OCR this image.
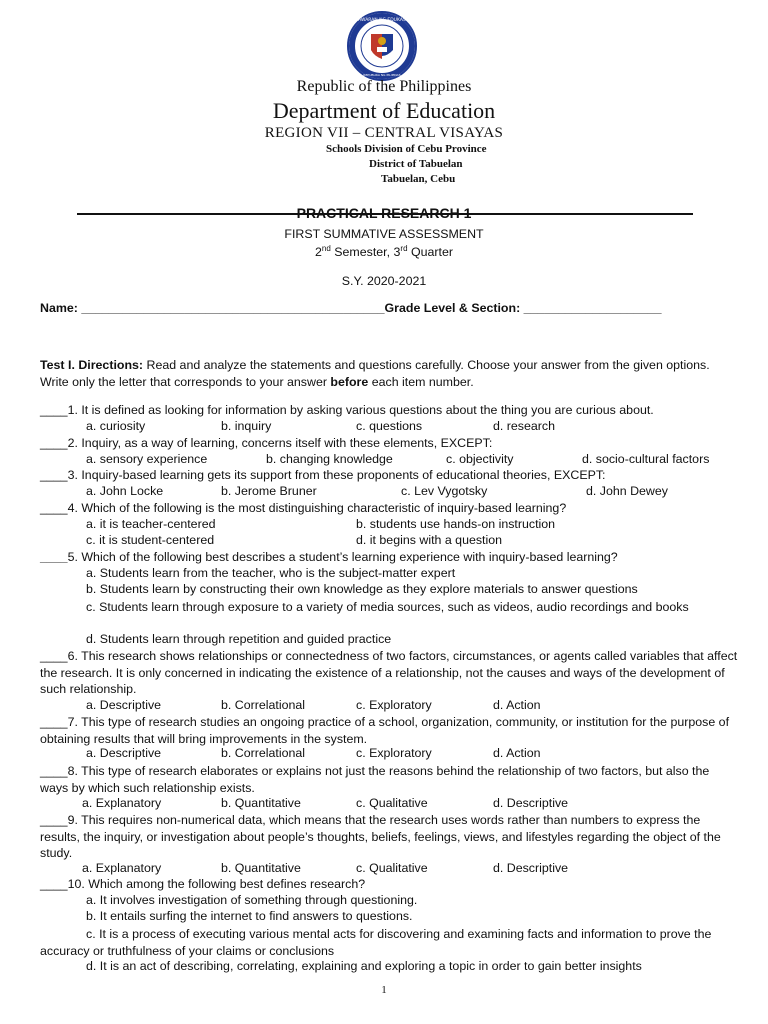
KAGAWARAN NG EDUKASYON
REPUBLIKA NG PILIPINAS
Republic of the Philippines
Department of Education
REGION VII – CENTRAL VISAYAS
Schools Division of Cebu Province
District of Tabuelan
Tabuelan, Cebu
PRACTICAL RESEARCH 1
FIRST SUMMATIVE ASSESSMENT
2nd Semester, 3rd Quarter
S.Y. 2020-2021
Name: ____________________________________________Grade Level & Section: ____________________
Test I. Directions: Read and analyze the statements and questions carefully. Choose your answer from the given options. Write only the letter that corresponds to your answer before each item number.
____1. It is defined as looking for information by asking various questions about the thing you are curious about.
a. curiosity	b. inquiry	c. questions	d. research
____2. Inquiry, as a way of learning, concerns itself with these elements, EXCEPT:
a. sensory experience	b. changing knowledge	c. objectivity	d. socio-cultural factors
____3. Inquiry-based learning gets its support from these proponents of educational theories, EXCEPT:
a. John Locke	b. Jerome Bruner	c. Lev Vygotsky	d. John Dewey
____4. Which of the following is the most distinguishing characteristic of inquiry-based learning?
a. it is teacher-centered	b. students use hands-on instruction
c. it is student-centered	d. it begins with a question
____5. Which of the following best describes a student’s learning experience with inquiry-based learning?
a. Students learn from the teacher, who is the subject-matter expert
b. Students learn by constructing their own knowledge as they explore materials to answer questions
c. Students learn through exposure to a variety of media sources, such as videos, audio recordings and books
d. Students learn through repetition and guided practice
____6. This research shows relationships or connectedness of two factors, circumstances, or agents called variables that affect the research. It is only concerned in indicating the existence of a relationship, not the causes and ways of the development of such relationship.
a. Descriptive	b. Correlational	c. Exploratory	d. Action
____7. This type of research studies an ongoing practice of a school, organization, community, or institution for the purpose of obtaining results that will bring improvements in the system.
a. Descriptive	b. Correlational	c. Exploratory	d. Action
____8. This type of research elaborates or explains not just the reasons behind the relationship of two factors, but also the ways by which such relationship exists.
a. Explanatory	b. Quantitative	c. Qualitative	d. Descriptive
____9. This requires non-numerical data, which means that the research uses words rather than numbers to express the results, the inquiry, or investigation about people’s thoughts, beliefs, feelings, views, and lifestyles regarding the object of the study.
a. Explanatory	b. Quantitative	c. Qualitative	d. Descriptive
____10. Which among the following best defines research?
a. It involves investigation of something through questioning.
b. It entails surfing the internet to find answers to questions.
c. It is a process of executing various mental acts for discovering and examining facts and information to prove the accuracy or truthfulness of your claims or conclusions
d. It is an act of describing, correlating, explaining and exploring a topic in order to gain better insights
1
